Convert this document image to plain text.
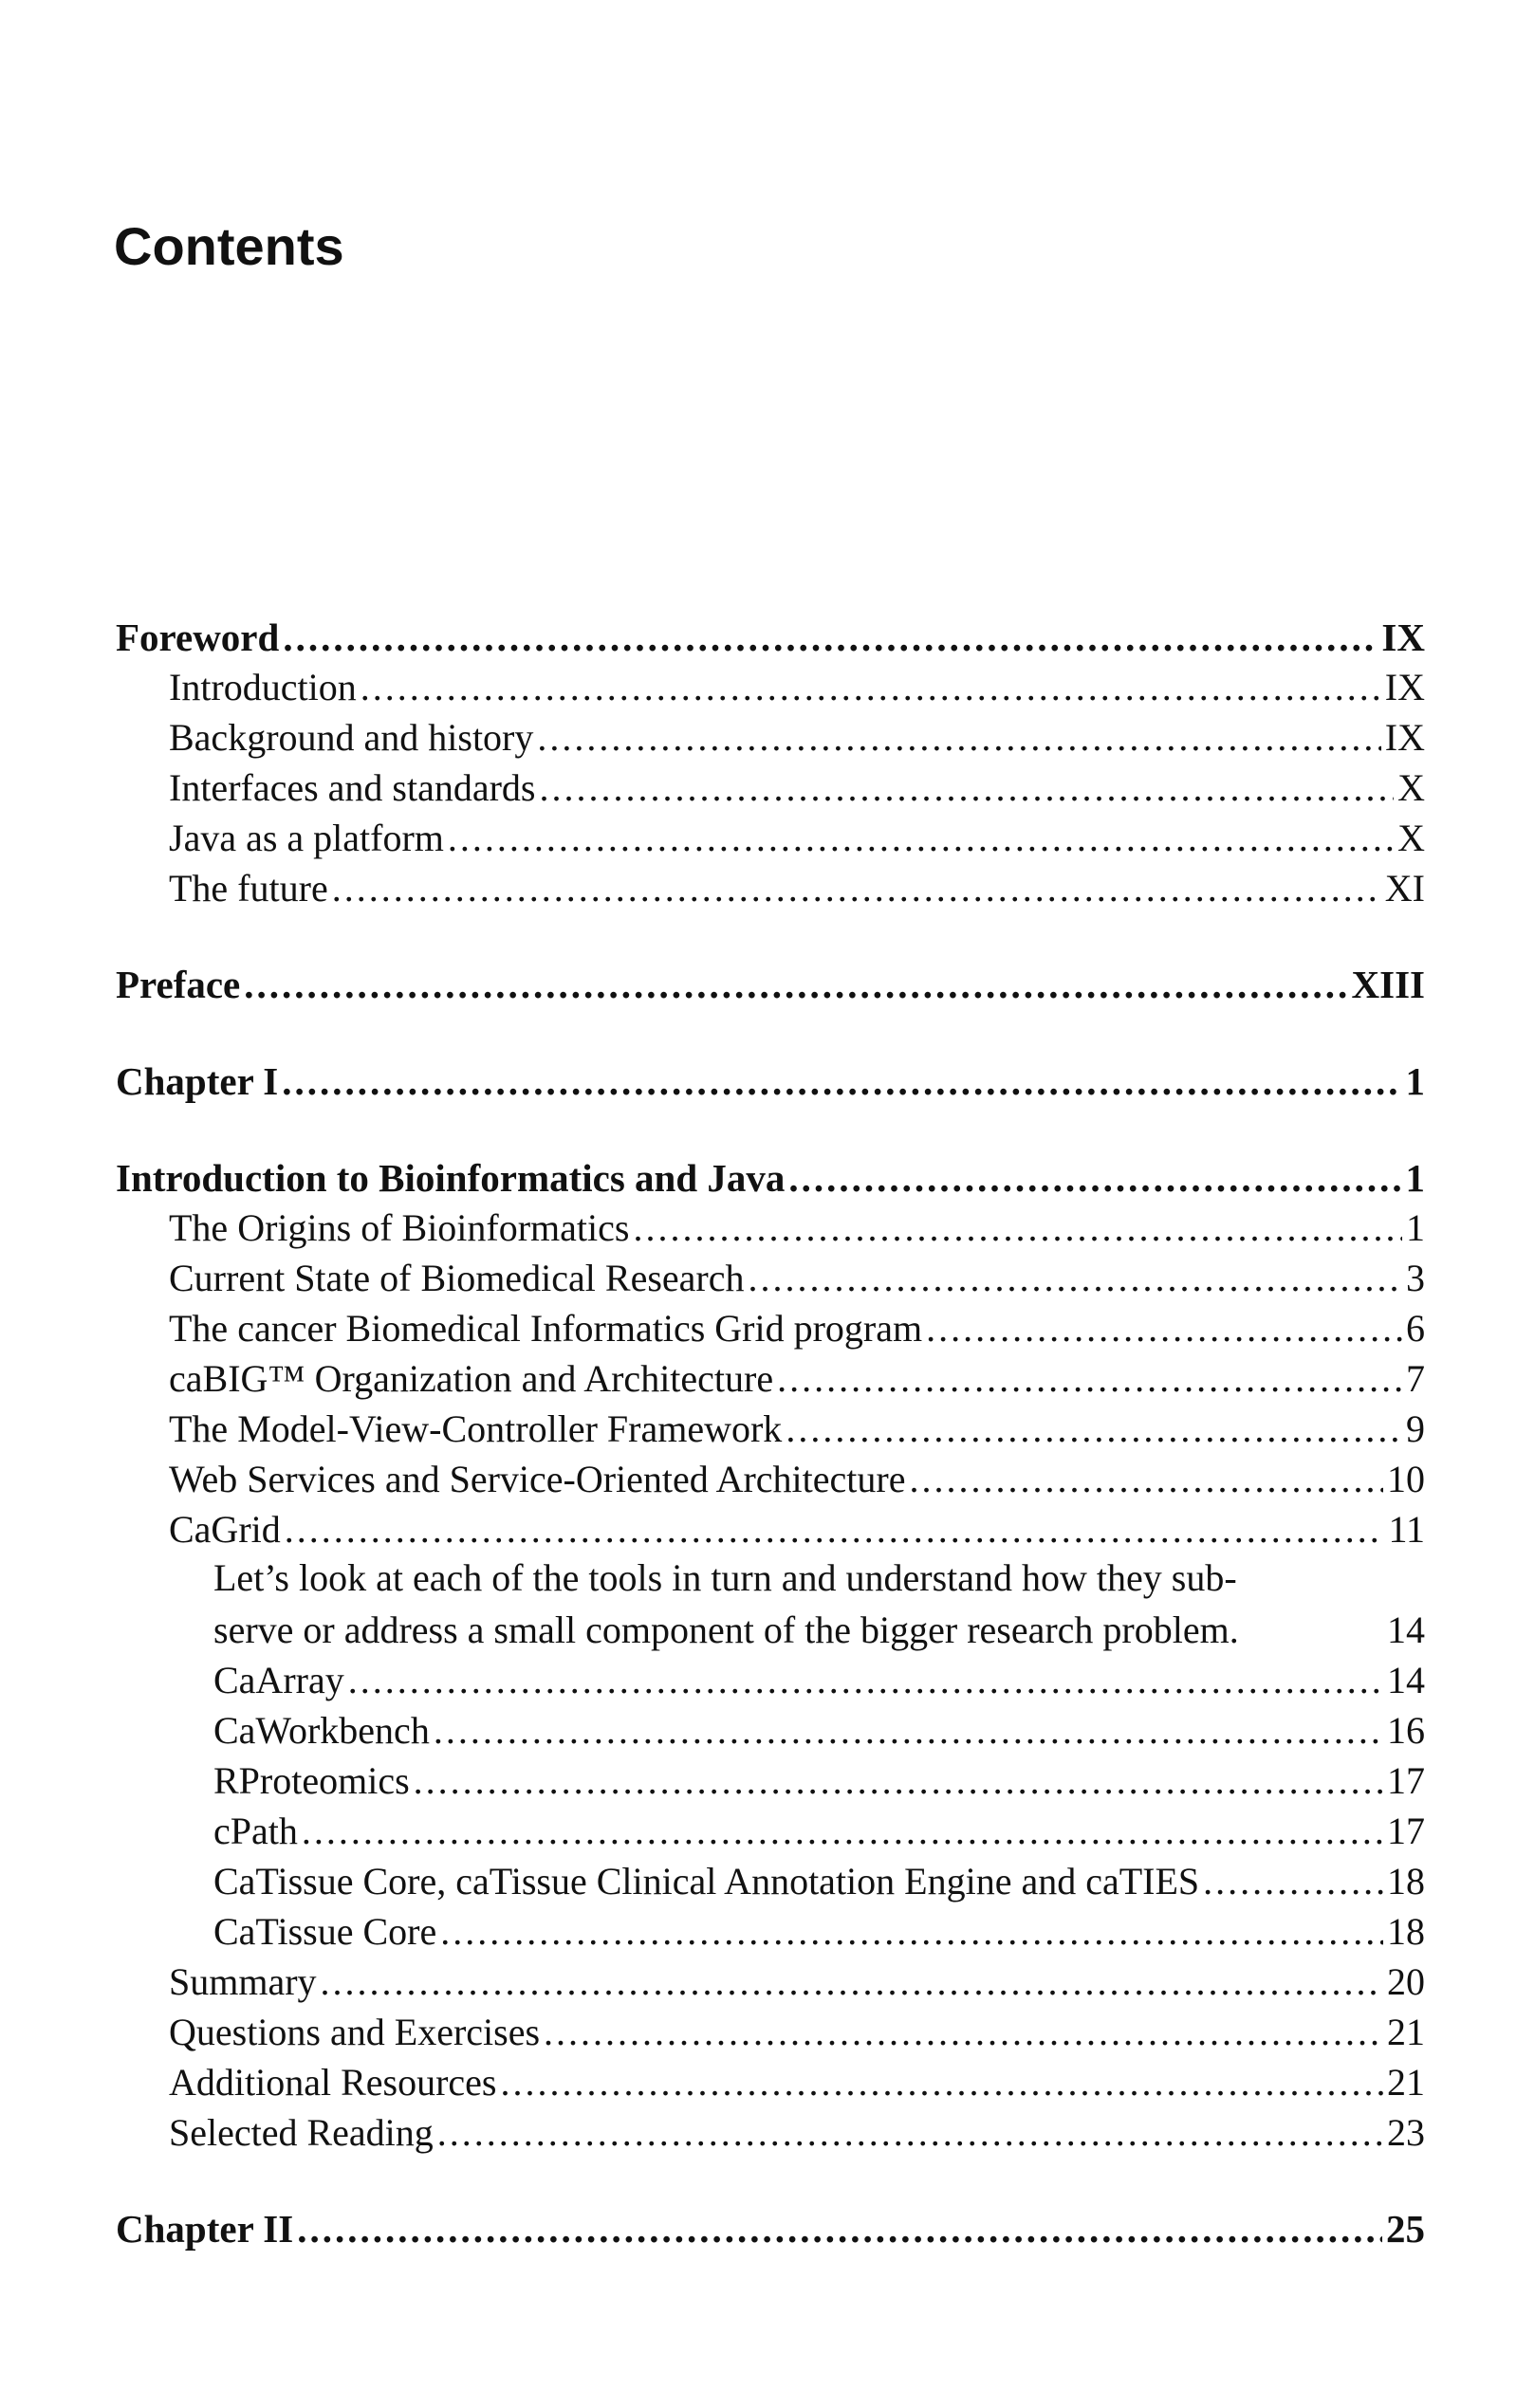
Contents
Foreword .....	IX
Introduction .....	IX
Background and history .....	IX
Interfaces and standards .....	X
Java as a platform .....	X
The future .....	XI
Preface .....	XIII
Chapter I .....	1
Introduction to Bioinformatics and Java .....	1
The Origins of Bioinformatics .....	1
Current State of Biomedical Research .....	3
The cancer Biomedical Informatics Grid program .....	6
caBIG™ Organization and Architecture .....	7
The Model-View-Controller Framework .....	9
Web Services and Service-Oriented Architecture .....	10
CaGrid .....	11
Let’s look at each of the tools in turn and understand how they sub-
serve or address a small component of the bigger research problem.	14
CaArray .....	14
CaWorkbench .....	16
RProteomics .....	17
cPath .....	17
CaTissue Core, caTissue Clinical Annotation Engine and caTIES .....	18
CaTissue Core .....	18
Summary .....	20
Questions and Exercises .....	21
Additional Resources .....	21
Selected Reading .....	23
Chapter II .....	25
